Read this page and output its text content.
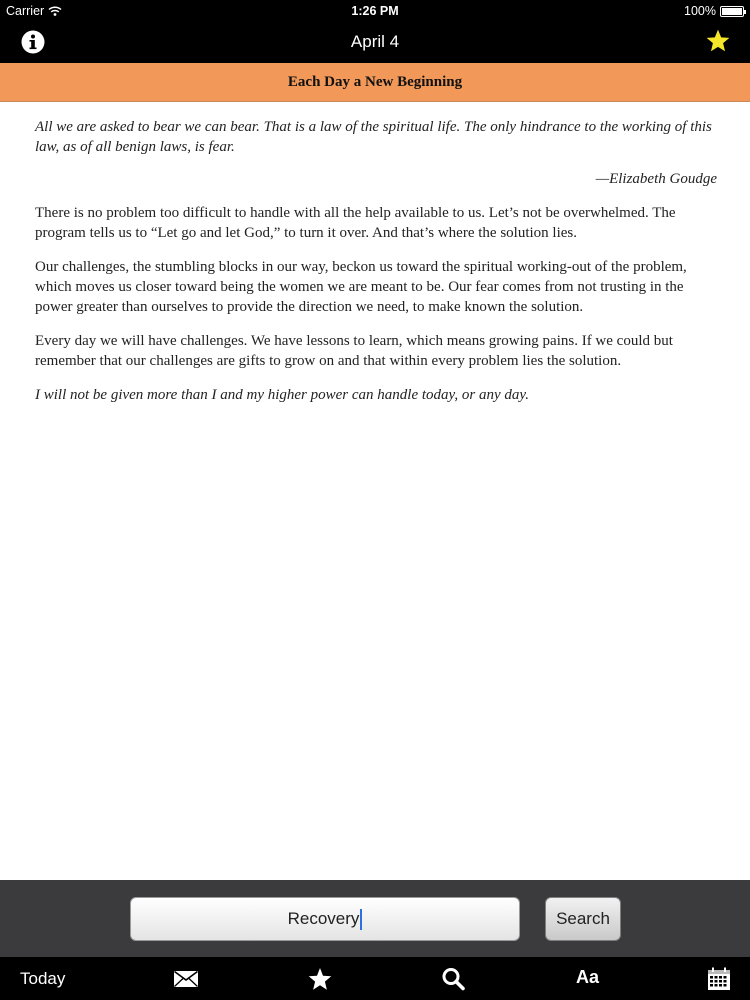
Carrier	1:26 PM	100%
April 4
Each Day a New Beginning

All we are asked to bear we can bear. That is a law of the spiritual life. The only hindrance to the working of this law, as of all benign laws, is fear.

—Elizabeth Goudge

There is no problem too difficult to handle with all the help available to us. Let’s not be overwhelmed. The program tells us to “Let go and let God,” to turn it over. And that’s where the solution lies.

Our challenges, the stumbling blocks in our way, beckon us toward the spiritual working-out of the problem, which moves us closer toward being the women we are meant to be. Our fear comes from not trusting in the power greater than ourselves to provide the direction we need, to make known the solution.

Every day we will have challenges. We have lessons to learn, which means growing pains. If we could but remember that our challenges are gifts to grow on and that within every problem lies the solution.

I will not be given more than I and my higher power can handle today, or any day.

Recovery	Search
Today	Aa
